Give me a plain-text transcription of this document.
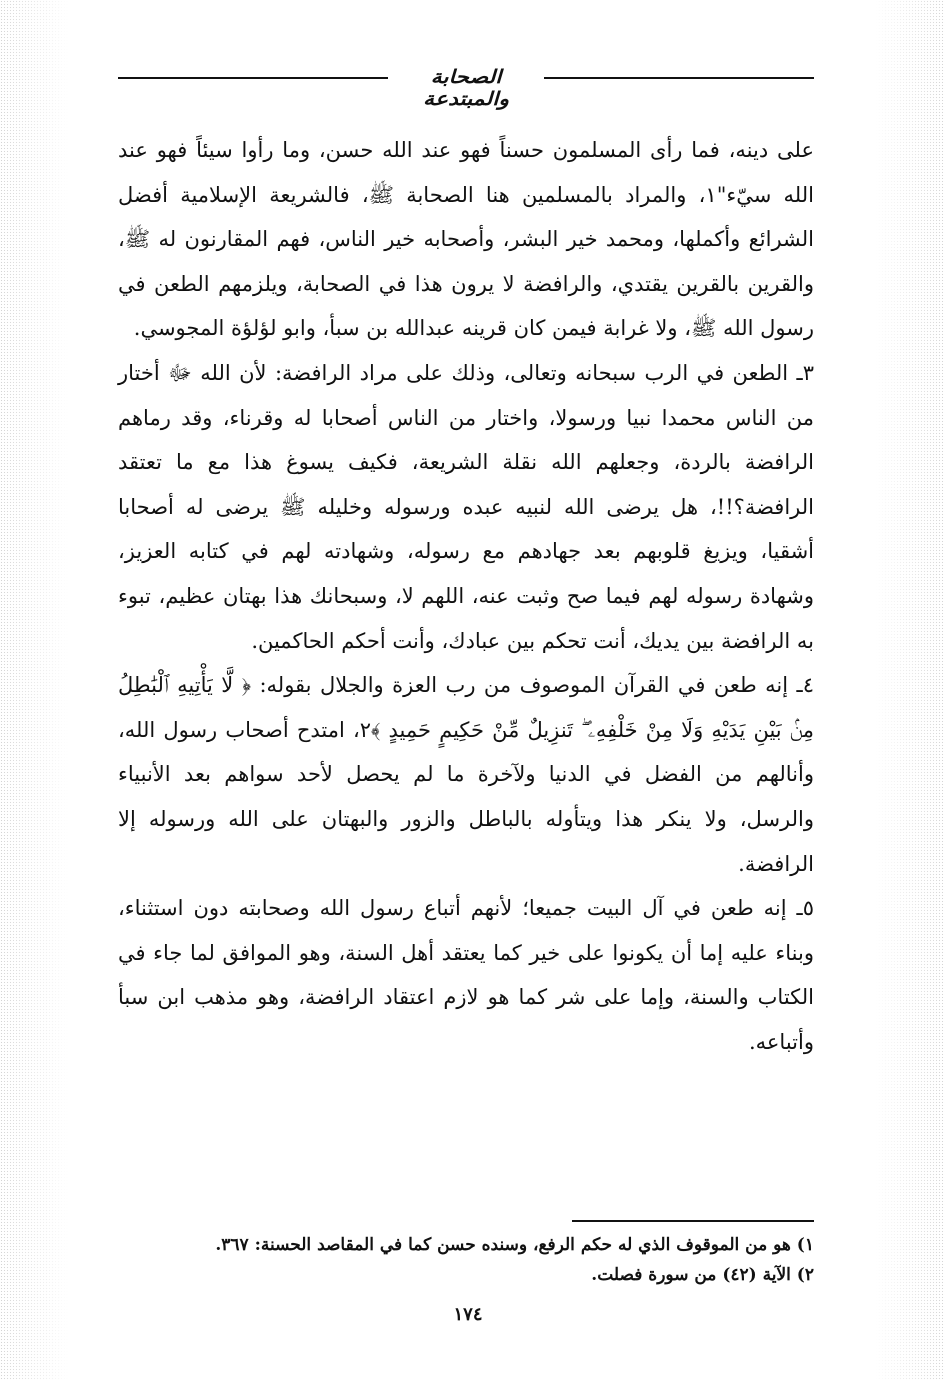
الصحابة والمبتدعة

على دينه، فما رأى المسلمون حسناً فهو عند الله حسن، وما رأوا سيئاً فهو عند الله سيّء"١، والمراد بالمسلمين هنا الصحابة ﷺ، فالشريعة الإسلامية أفضل الشرائع وأكملها، ومحمد خير البشر، وأصحابه خير الناس، فهم المقارنون له ﷺ، والقرين بالقرين يقتدي، والرافضة لا يرون هذا في الصحابة، ويلزمهم الطعن في رسول الله ﷺ، ولا غرابة فيمن كان قرينه عبدالله بن سبأ، وابو لؤلؤة المجوسي.

٣ـ الطعن في الرب سبحانه وتعالى، وذلك على مراد الرافضة: لأن الله ﷻ أختار من الناس محمدا نبيا ورسولا، واختار من الناس أصحابا له وقرناء، وقد رماهم الرافضة بالردة، وجعلهم الله نقلة الشريعة، فكيف يسوغ هذا مع ما تعتقد الرافضة؟!!، هل يرضى الله لنبيه عبده ورسوله وخليله ﷺ يرضى له أصحابا أشقيا، ويزيغ قلوبهم بعد جهادهم مع رسوله، وشهادته لهم في كتابه العزيز، وشهادة رسوله لهم فيما صح وثبت عنه، اللهم لا، وسبحانك هذا بهتان عظيم، تبوء به الرافضة بين يديك، أنت تحكم بين عبادك، وأنت أحكم الحاكمين.

٤ـ إنه طعن في القرآن الموصوف من رب العزة والجلال بقوله: ﴿ لَّا يَأْتِيهِ ٱلْبَٰطِلُ مِنۢ بَيْنِ يَدَيْهِ وَلَا مِنْ خَلْفِهِۦ ۖ تَنزِيلٌ مِّنْ حَكِيمٍ حَمِيدٍ ﴾٢، امتدح أصحاب رسول الله، وأنالهم من الفضل في الدنيا ولآخرة ما لم يحصل لأحد سواهم بعد الأنبياء والرسل، ولا ينكر هذا ويتأوله بالباطل والزور والبهتان على الله ورسوله إلا الرافضة.

٥ـ إنه طعن في آل البيت جميعا؛ لأنهم أتباع رسول الله وصحابته دون استثناء، وبناء عليه إما أن يكونوا على خير كما يعتقد أهل السنة، وهو الموافق لما جاء في الكتاب والسنة، وإما على شر كما هو لازم اعتقاد الرافضة، وهو مذهب ابن سبأ وأتباعه.

١) هو من الموقوف الذي له حكم الرفع، وسنده حسن كما في المقاصد الحسنة: ٣٦٧.

٢) الآية (٤٢) من سورة فصلت.

١٧٤
